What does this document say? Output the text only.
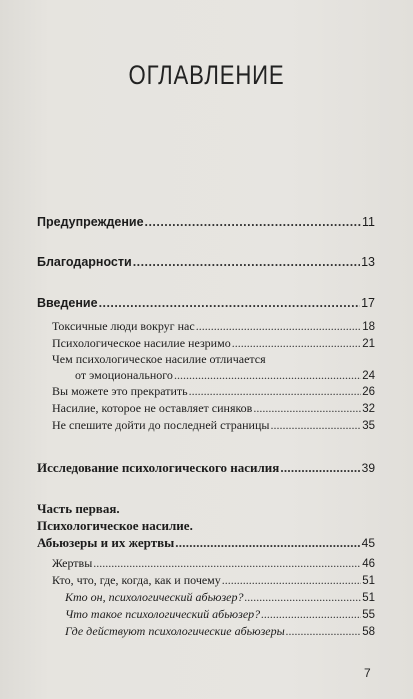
ОГЛАВЛЕНИЕ
Предупреждение . . .	11
Благодарности . . .	13
Введение . . .	17
Токсичные люди вокруг нас . . .	18
Психологическое насилие незримо . . .	21
Чем психологическое насилие отличается
от эмоционального . . .	24
Вы можете это прекратить . . .	26
Насилие, которое не оставляет синяков . . .	32
Не спешите дойти до последней страницы . . .	35
Исследование психологического насилия . . .	39
Часть первая.
Психологическое насилие.
Абьюзеры и их жертвы . . .	45
Жертвы . . .	46
Кто, что, где, когда, как и почему . . .	51
Кто он, психологический абьюзер? . . .	51
Что такое психологический абьюзер? . . .	55
Где действуют психологические абьюзеры . . .	58
7
